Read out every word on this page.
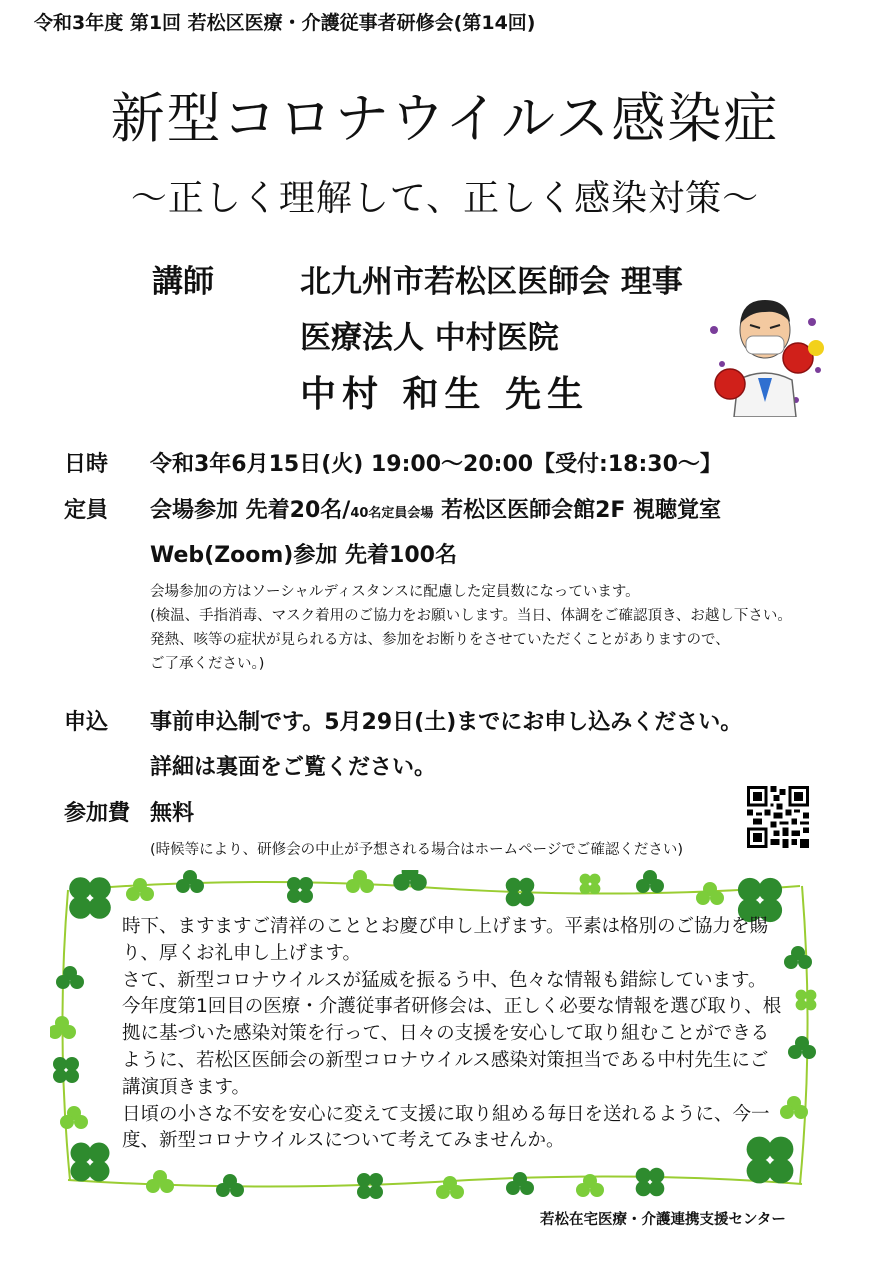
令和3年度 第1回 若松区医療・介護従事者研修会(第14回)
新型コロナウイルス感染症
〜正しく理解して、正しく感染対策〜
講師	北九州市若松区医師会 理事
医療法人 中村医院
中村 和生 先生
日時 令和3年6月15日(火) 19:00〜20:00【受付:18:30〜】
定員 会場参加 先着20名/40名定員会場 若松区医師会館2F 視聴覚室
Web(Zoom)参加 先着100名
会場参加の方はソーシャルディスタンスに配慮した定員数になっています。
(検温、手指消毒、マスク着用のご協力をお願いします。当日、体調をご確認頂き、お越し下さい。
発熱、咳等の症状が見られる方は、参加をお断りをさせていただくことがありますので、
ご了承ください。)
申込 事前申込制です。5月29日(土)までにお申し込みください。
詳細は裏面をご覧ください。
参加費 無料
(時候等により、研修会の中止が予想される場合はホームページでご確認ください)

時下、ますますご清祥のこととお慶び申し上げます。平素は格別のご協力を賜り、厚くお礼申し上げます。

さて、新型コロナウイルスが猛威を振るう中、色々な情報も錯綜しています。今年度第1回目の医療・介護従事者研修会は、正しく必要な情報を選び取り、根拠に基づいた感染対策を行って、日々の支援を安心して取り組むことができるように、若松区医師会の新型コロナウイルス感染対策担当である中村先生にご講演頂きます。

日頃の小さな不安を安心に変えて支援に取り組める毎日を送れるように、今一度、新型コロナウイルスについて考えてみませんか。

若松在宅医療・介護連携支援センター
